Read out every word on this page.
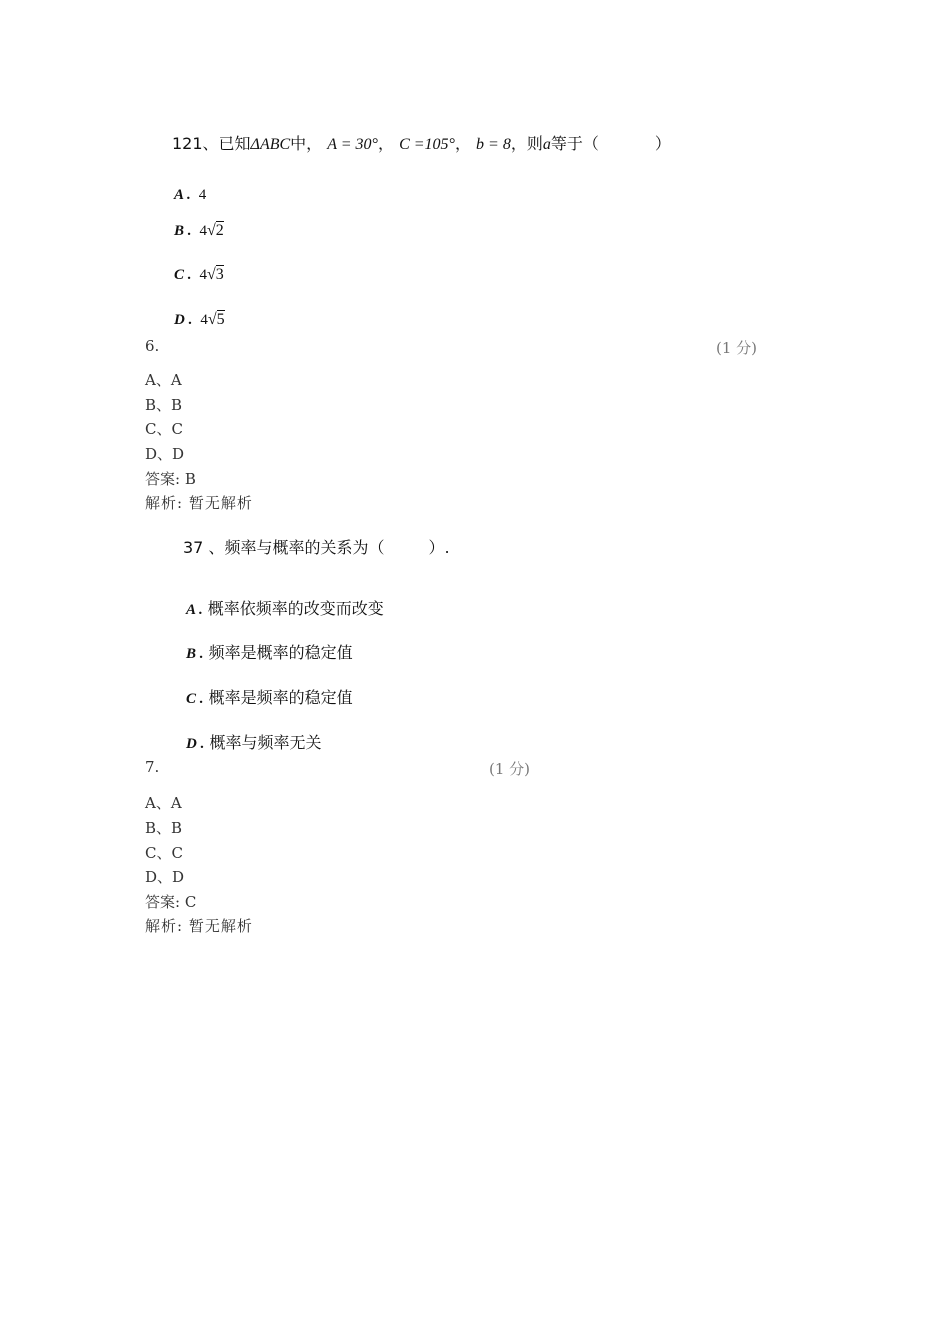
121、已知ΔABC中， A = 30°， C =105°， b = 8，则a等于（	）
A . 4
B . 4√2
C . 4√3
D . 4√5
6.	(1 分)
A、A
B、B
C、C
D、D
答案: B
解析: 暂无解析
37 、频率与概率的关系为（	）.
A . 概率依频率的改变而改变
B . 频率是概率的稳定值
C . 概率是频率的稳定值
D . 概率与频率无关
7.	(1 分)
A、A
B、B
C、C
D、D
答案: C
解析: 暂无解析
